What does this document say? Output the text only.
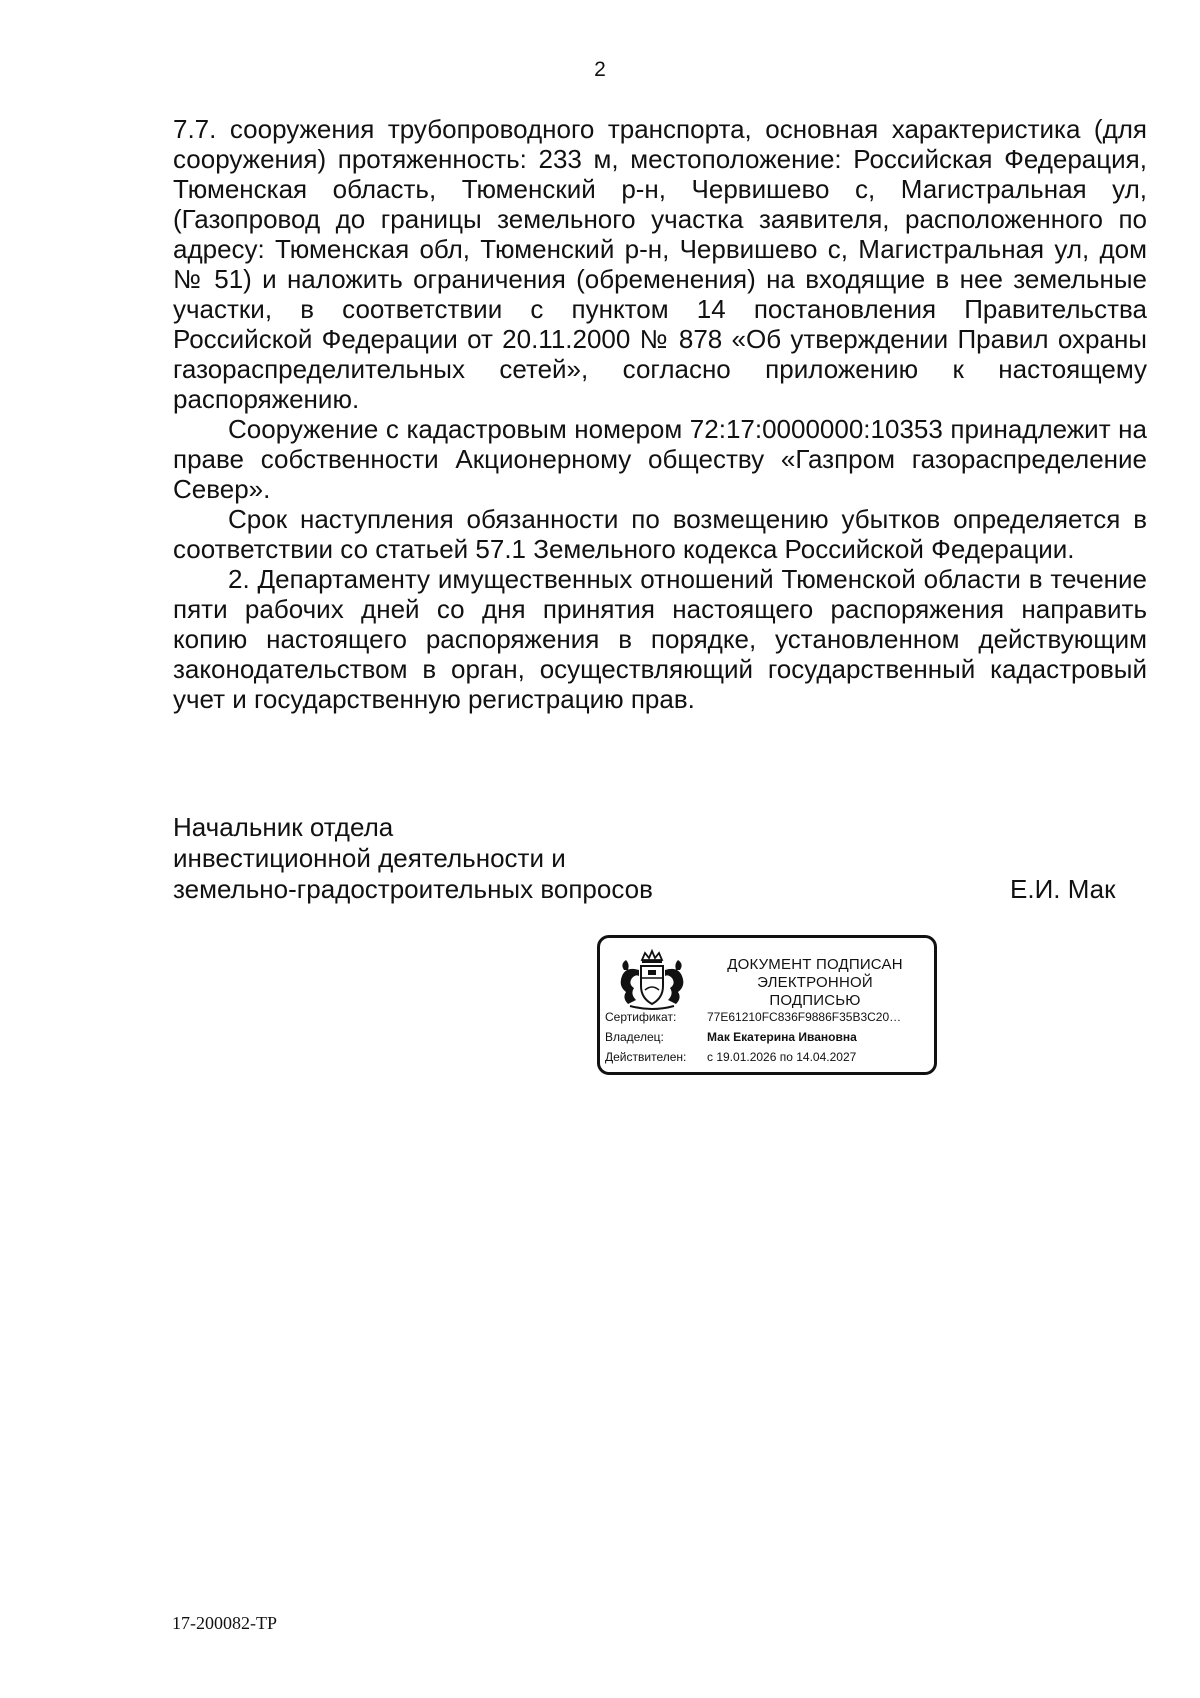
2

7.7. сооружения трубопроводного транспорта, основная характеристика (для сооружения) протяженность: 233 м, местоположение: Российская Федерация, Тюменская область, Тюменский р-н, Червишево с, Магистральная ул, (Газопровод до границы земельного участка заявителя, расположенного по адресу: Тюменская обл, Тюменский р-н, Червишево с, Магистральная ул, дом № 51) и наложить ограничения (обременения) на входящие в нее земельные участки, в соответствии с пунктом 14 постановления Правительства Российской Федерации от 20.11.2000 № 878 «Об утверждении Правил охраны газораспределительных сетей», согласно приложению к настоящему распоряжению.

Сооружение с кадастровым номером 72:17:0000000:10353 принадлежит на праве собственности Акционерному обществу «Газпром газораспределение Север».

Срок наступления обязанности по возмещению убытков определяется в соответствии со статьей 57.1 Земельного кодекса Российской Федерации.

2. Департаменту имущественных отношений Тюменской области в течение пяти рабочих дней со дня принятия настоящего распоряжения направить копию настоящего распоряжения в порядке, установленном действующим законодательством в орган, осуществляющий государственный кадастровый учет и государственную регистрацию прав.

Начальник отдела
инвестиционной деятельности и
земельно-градостроительных вопросов	Е.И. Мак
ДОКУМЕНТ ПОДПИСАН
ЭЛЕКТРОННОЙ ПОДПИСЬЮ
Сертификат:	77E61210FC836F9886F35B3C20…
Владелец:	Мак Екатерина Ивановна
Действителен: с 19.01.2026 по 14.04.2027
17-200082-ТР
